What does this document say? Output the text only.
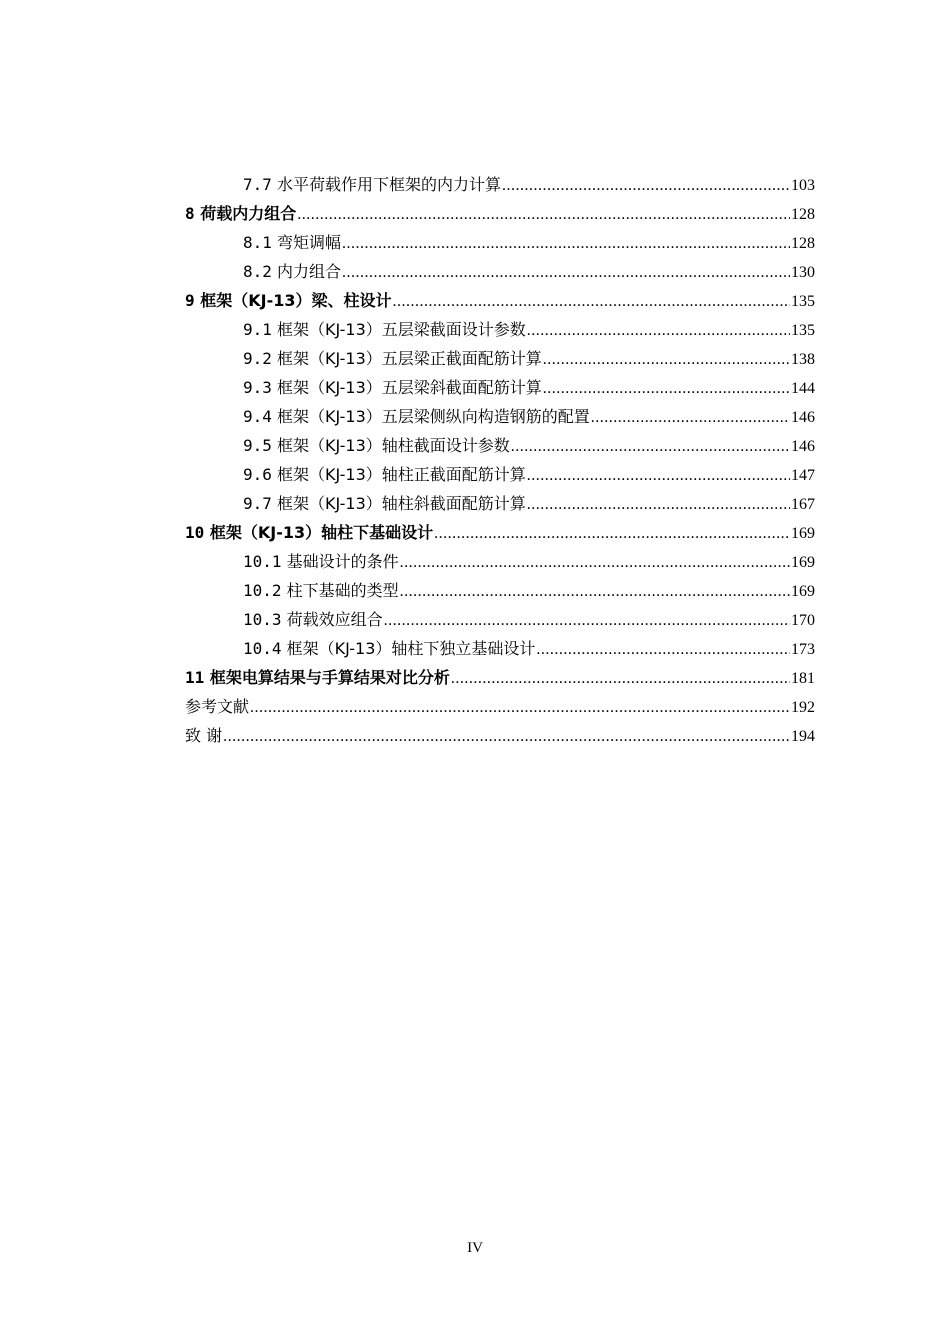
7.7 水平荷载作用下框架的内力计算 .....	103
8 荷载内力组合 .....	128
8.1 弯矩调幅 .....	128
8.2 内力组合 .....	130
9 框架（KJ-13）梁、柱设计 .....	135
9.1 框架（KJ-13）五层梁截面设计参数 .....	135
9.2 框架（KJ-13）五层梁正截面配筋计算 .....	138
9.3 框架（KJ-13）五层梁斜截面配筋计算 .....	144
9.4 框架（KJ-13）五层梁侧纵向构造钢筋的配置 .....	146
9.5 框架（KJ-13）轴柱截面设计参数 .....	146
9.6 框架（KJ-13）轴柱正截面配筋计算 .....	147
9.7 框架（KJ-13）轴柱斜截面配筋计算 .....	167
10 框架（KJ-13）轴柱下基础设计 .....	169
10.1 基础设计的条件 .....	169
10.2 柱下基础的类型 .....	169
10.3 荷载效应组合 .....	170
10.4 框架（KJ-13）轴柱下独立基础设计 .....	173
11 框架电算结果与手算结果对比分析 .....	181
参考文献 .....	192
致 谢 .....	194
IV
